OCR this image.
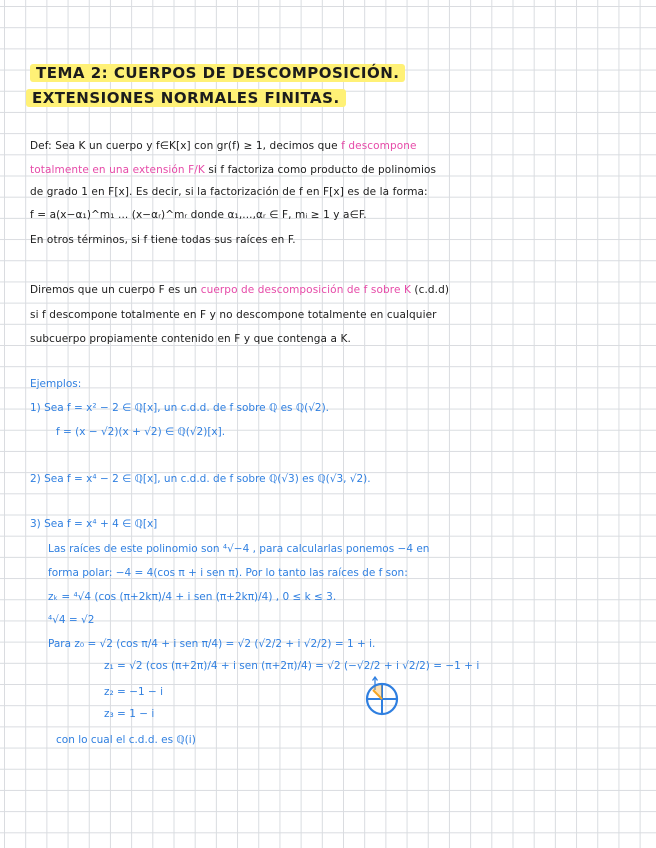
TEMA 2: CUERPOS DE DESCOMPOSICIÓN.
EXTENSIONES NORMALES FINITAS.
Def: Sea K un cuerpo y f∈K[x] con gr(f) ≥ 1, decimos que f descompone
totalmente en una extensión F/K si f factoriza como producto de polinomios
de grado 1 en F[x]. Es decir, si la factorización de f en F[x] es de la forma:
f = a(x−α₁)^m₁ ... (x−αᵣ)^mᵣ donde α₁,...,αᵣ ∈ F, mᵢ ≥ 1 y a∈F.
En otros términos, si f tiene todas sus raíces en F.
Diremos que un cuerpo F es un cuerpo de descomposición de f sobre K (c.d.d)
si f descompone totalmente en F y no descompone totalmente en cualquier
subcuerpo propiamente contenido en F y que contenga a K.
Ejemplos:
1) Sea f = x² − 2 ∈ ℚ[x], un c.d.d. de f sobre ℚ es ℚ(√2).
f = (x − √2)(x + √2) ∈ ℚ(√2)[x].
2) Sea f = x⁴ − 2 ∈ ℚ[x], un c.d.d. de f sobre ℚ(√3) es ℚ(√3, √2).
3) Sea f = x⁴ + 4 ∈ ℚ[x]
Las raíces de este polinomio son ⁴√−4 , para calcularlas ponemos −4 en
forma polar: −4 = 4(cos π + i sen π). Por lo tanto las raíces de f son:
zₖ = ⁴√4 (cos (π+2kπ)/4 + i sen (π+2kπ)/4) , 0 ≤ k ≤ 3.
⁴√4 = √2
Para z₀ = √2 (cos π/4 + i sen π/4) = √2 (√2/2 + i √2/2) = 1 + i.
z₁ = √2 (cos (π+2π)/4 + i sen (π+2π)/4) = √2 (−√2/2 + i √2/2) = −1 + i
z₂ = −1 − i
z₃ = 1 − i
con lo cual el c.d.d. es ℚ(i)
